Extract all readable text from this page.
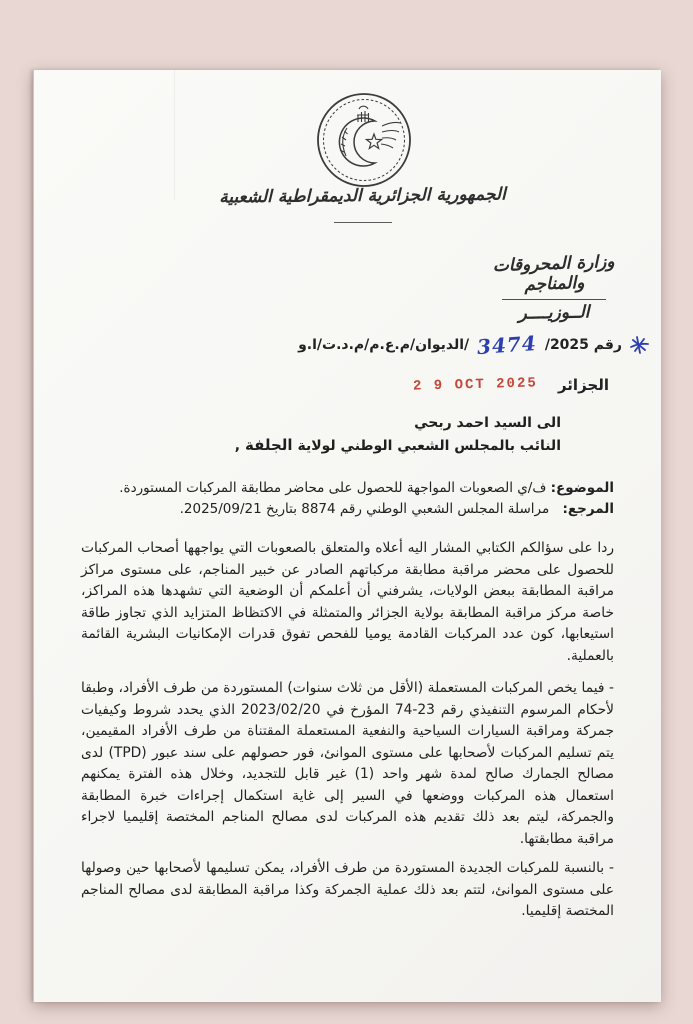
الجمهورية الجزائرية الديمقراطية الشعبية
وزارة المحروقات والمناجم
الــوزيــــر
رقم 2025/
3474
/الديوان/م.ع.م/م.د.ت/ا.و
الجزائر
2 9 OCT 2025
الى السيد احمد ربحي
النائب بالمجلس الشعبي الوطني لولاية الجلفة ,
الموضوع: ف/ي الصعوبات المواجهة للحصول على محاضر مطابقة المركبات المستوردة.
المرجع: مراسلة المجلس الشعبي الوطني رقم 8874 بتاريخ 2025/09/21.

ردا على سؤالكم الكتابي المشار اليه أعلاه والمتعلق بالصعوبات التي يواجهها أصحاب المركبات للحصول على محضر مراقبة مطابقة مركباتهم الصادر عن خبير المناجم، على مستوى مراكز مراقبة المطابقة ببعض الولايات، يشرفني أن أعلمكم أن الوضعية التي تشهدها هذه المراكز، خاصة مركز مراقبة المطابقة بولاية الجزائر والمتمثلة في الاكتظاظ المتزايد الذي تجاوز طاقة استيعابها، كون عدد المركبات القادمة يوميا للفحص تفوق قدرات الإمكانيات البشرية القائمة بالعملية.

- فيما يخص المركبات المستعملة (الأقل من ثلاث سنوات) المستوردة من طرف الأفراد، وطبقا لأحكام المرسوم التنفيذي رقم 23-74 المؤرخ في 2023/02/20 الذي يحدد شروط وكيفيات جمركة ومراقبة السيارات السياحية والنفعية المستعملة المقتناة من طرف الأفراد المقيمين، يتم تسليم المركبات لأصحابها على مستوى الموانئ، فور حصولهم على سند عبور (TPD) لدى مصالح الجمارك صالح لمدة شهر واحد (1) غير قابل للتجديد، وخلال هذه الفترة يمكنهم استعمال هذه المركبات ووضعها في السير إلى غاية استكمال إجراءات خبرة المطابقة والجمركة، ليتم بعد ذلك تقديم هذه المركبات لدى مصالح المناجم المختصة إقليميا لاجراء مراقبة مطابقتها.

- بالنسبة للمركبات الجديدة المستوردة من طرف الأفراد، يمكن تسليمها لأصحابها حين وصولها على مستوى الموانئ، لتتم بعد ذلك عملية الجمركة وكذا مراقبة المطابقة لدى مصالح المناجم المختصة إقليميا.
